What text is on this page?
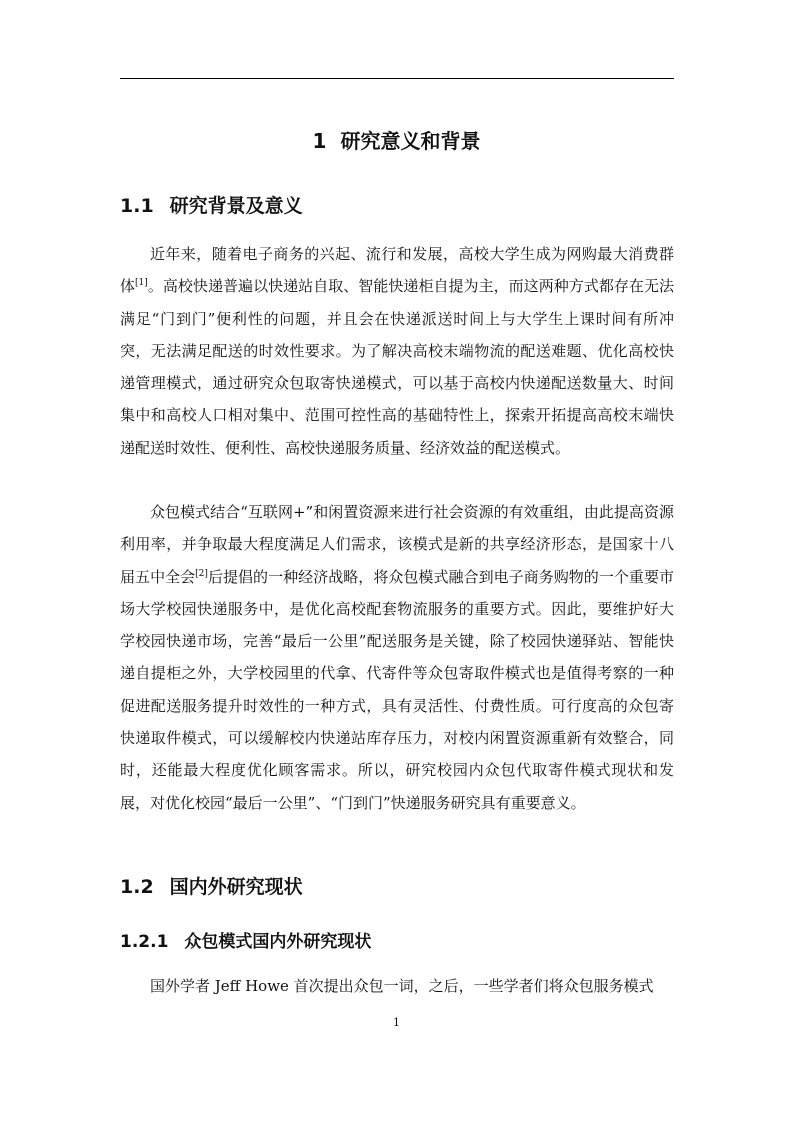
1 研究意义和背景
1.1 研究背景及意义

近年来，随着电子商务的兴起、流行和发展，高校大学生成为网购最大消费群体[1]。高校快递普遍以快递站自取、智能快递柜自提为主，而这两种方式都存在无法满足“门到门”便利性的问题，并且会在快递派送时间上与大学生上课时间有所冲突，无法满足配送的时效性要求。为了解决高校末端物流的配送难题、优化高校快递管理模式，通过研究众包取寄快递模式，可以基于高校内快递配送数量大、时间集中和高校人口相对集中、范围可控性高的基础特性上，探索开拓提高高校末端快递配送时效性、便利性、高校快递服务质量、经济效益的配送模式。

众包模式结合“互联网+”和闲置资源来进行社会资源的有效重组，由此提高资源利用率，并争取最大程度满足人们需求，该模式是新的共享经济形态，是国家十八届五中全会[2]后提倡的一种经济战略，将众包模式融合到电子商务购物的一个重要市场大学校园快递服务中，是优化高校配套物流服务的重要方式。因此，要维护好大学校园快递市场，完善“最后一公里”配送服务是关键，除了校园快递驿站、智能快递自提柜之外，大学校园里的代拿、代寄件等众包寄取件模式也是值得考察的一种促进配送服务提升时效性的一种方式，具有灵活性、付费性质。可行度高的众包寄快递取件模式，可以缓解校内快递站库存压力，对校内闲置资源重新有效整合，同时，还能最大程度优化顾客需求。所以，研究校园内众包代取寄件模式现状和发展，对优化校园“最后一公里”、“门到门”快递服务研究具有重要意义。

1.2 国内外研究现状
1.2.1 众包模式国内外研究现状

国外学者 Jeff Howe 首次提出众包一词，之后，一些学者们将众包服务模式

1
